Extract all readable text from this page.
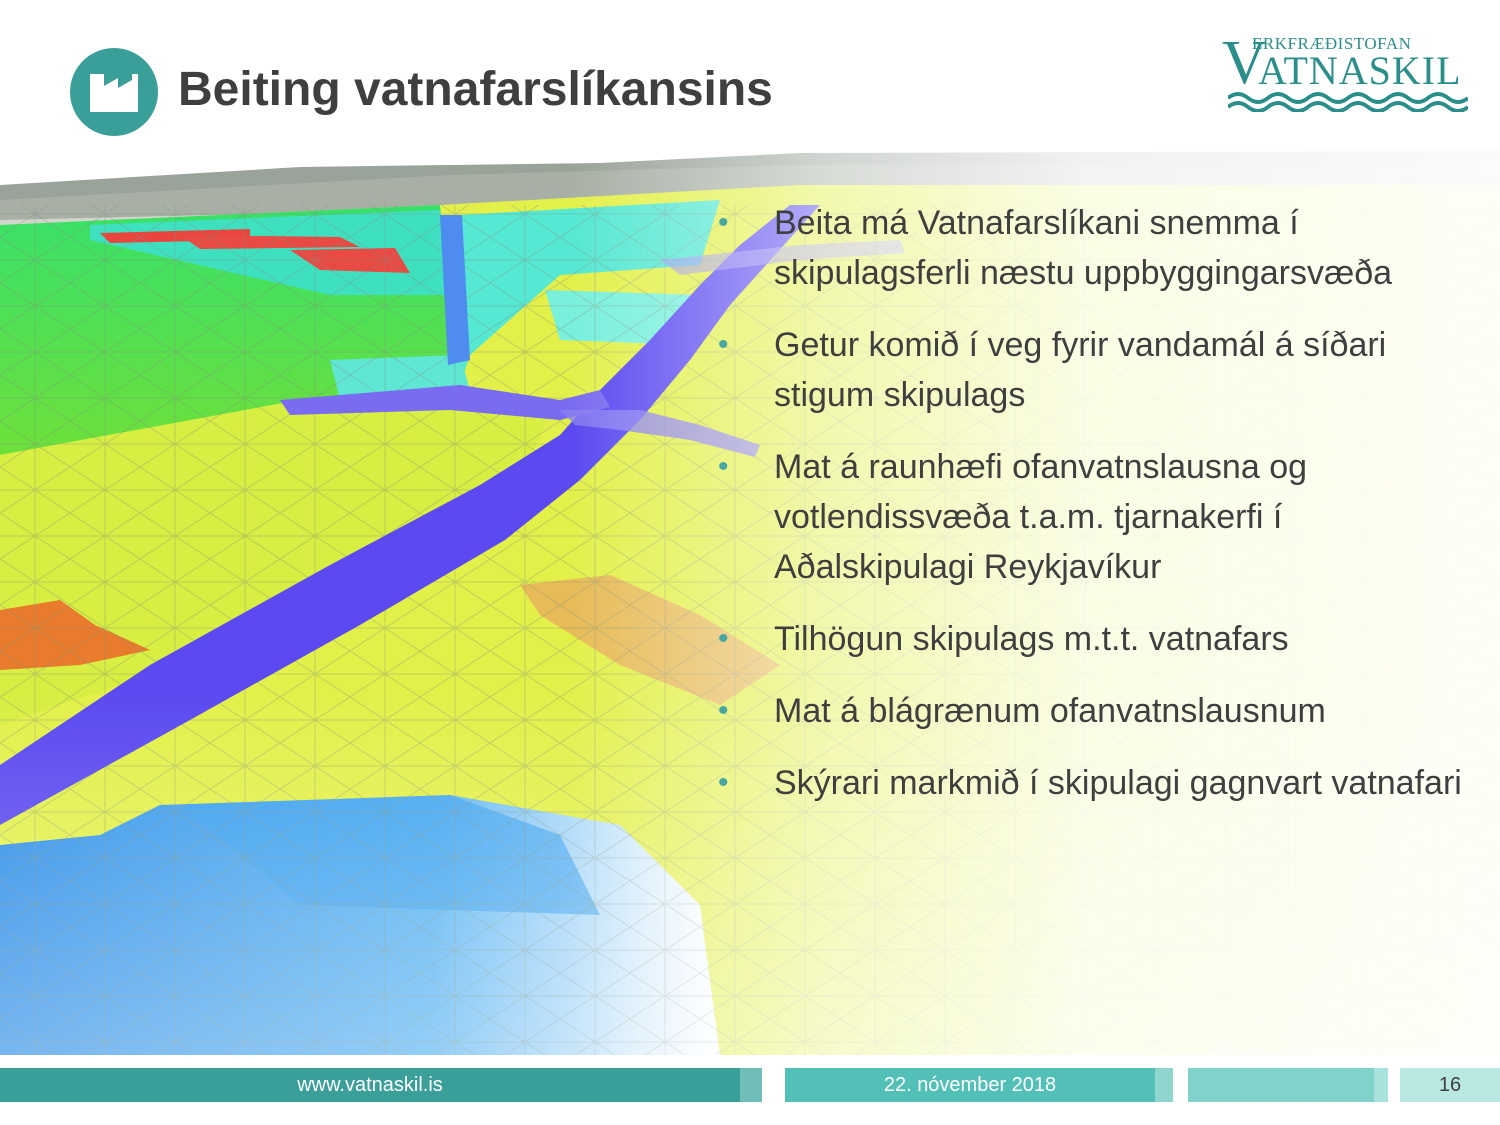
Beiting vatnafarslíkansins	V
ERKFRÆÐISTOFAN
ATNASKIL
• Beita má Vatnafarslíkani snemma í skipulagsferli næstu uppbyggingarsvæða
• Getur komið í veg fyrir vandamál á síðari stigum skipulags
• Mat á raunhæfi ofanvatnslausna og votlendissvæða t.a.m. tjarnakerfi í Aðalskipulagi Reykjavíkur
• Tilhögun skipulags m.t.t. vatnafars
• Mat á blágrænum ofanvatnslausnum
• Skýrari markmið í skipulagi gagnvart vatnafari
www.vatnaskil.is	22. nóvember 2018	16
